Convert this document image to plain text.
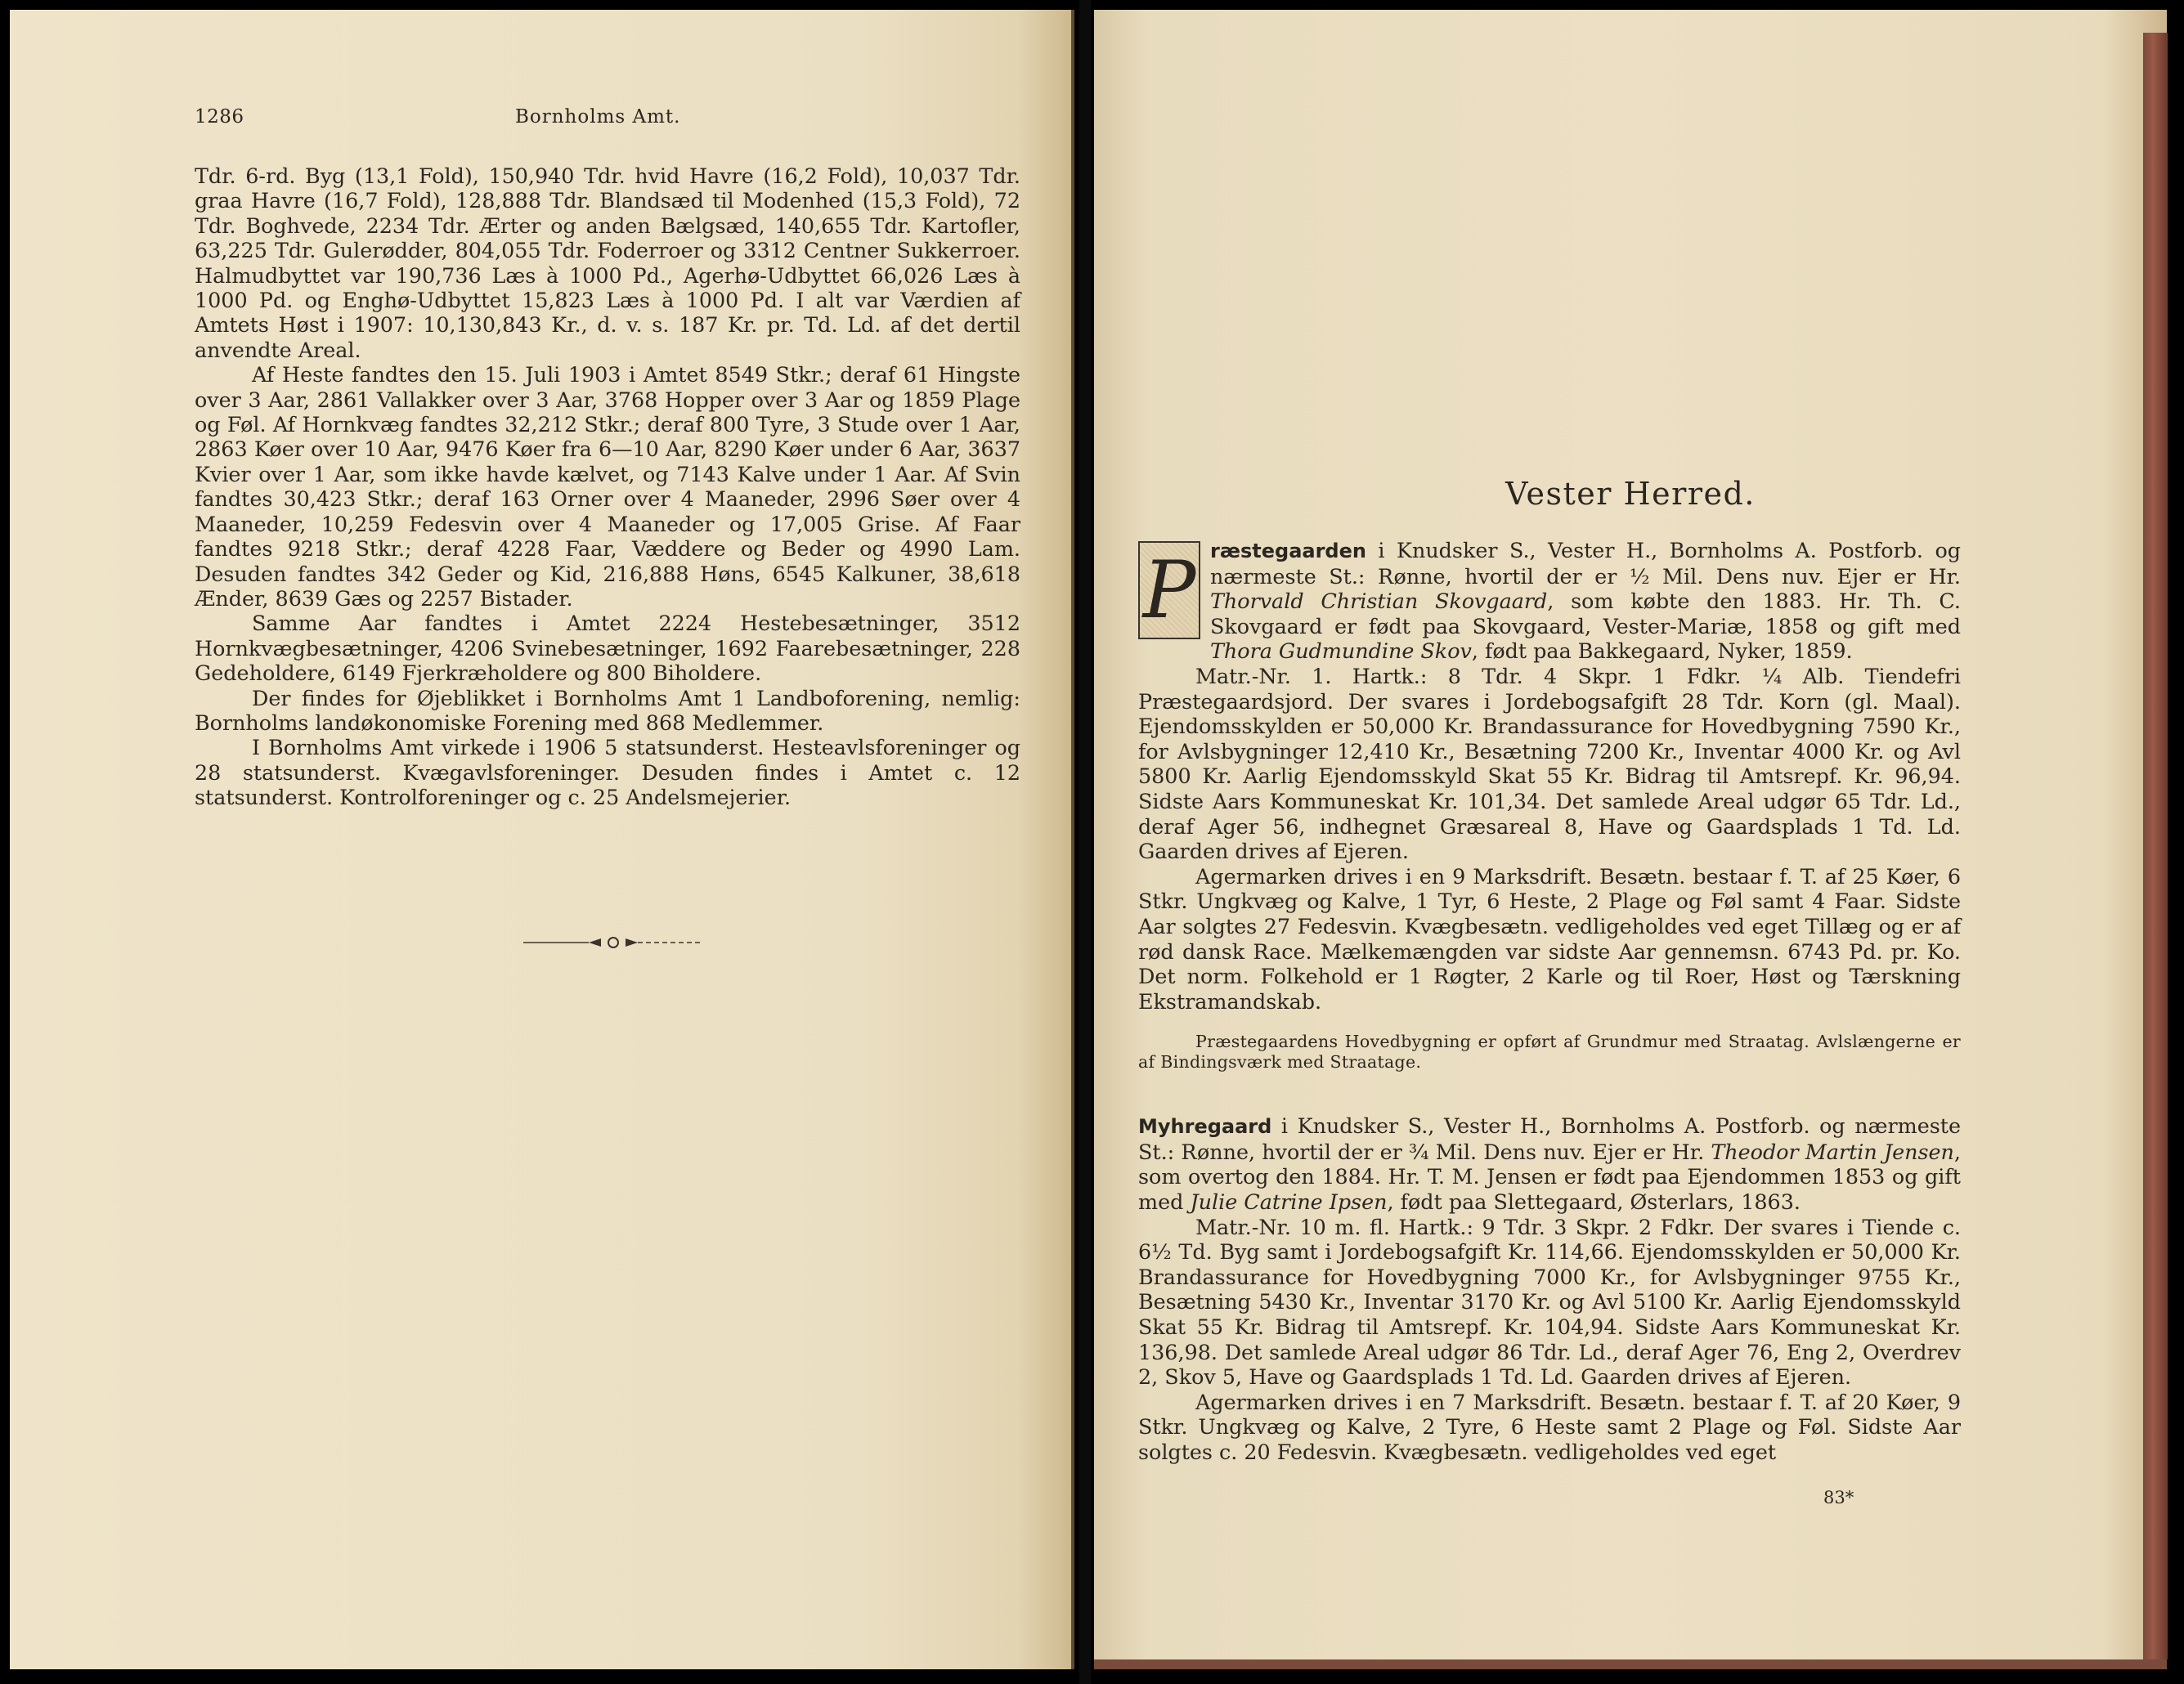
1286	Bornholms Amt.

Tdr. 6-rd. Byg (13,1 Fold), 150,940 Tdr. hvid Havre (16,2 Fold), 10,037 Tdr. graa Havre (16,7 Fold), 128,888 Tdr. Blandsæd til Modenhed (15,3 Fold), 72 Tdr. Boghvede, 2234 Tdr. Ærter og anden Bælgsæd, 140,655 Tdr. Kartofler, 63,225 Tdr. Gulerødder, 804,055 Tdr. Foderroer og 3312 Centner Sukkerroer. Halmudbyttet var 190,736 Læs à 1000 Pd., Agerhø-Udbyttet 66,026 Læs à 1000 Pd. og Enghø-Udbyttet 15,823 Læs à 1000 Pd. I alt var Værdien af Amtets Høst i 1907: 10,130,843 Kr., d. v. s. 187 Kr. pr. Td. Ld. af det dertil anvendte Areal.

Af Heste fandtes den 15. Juli 1903 i Amtet 8549 Stkr.; deraf 61 Hingste over 3 Aar, 2861 Vallakker over 3 Aar, 3768 Hopper over 3 Aar og 1859 Plage og Føl. Af Hornkvæg fandtes 32,212 Stkr.; deraf 800 Tyre, 3 Stude over 1 Aar, 2863 Køer over 10 Aar, 9476 Køer fra 6—10 Aar, 8290 Køer under 6 Aar, 3637 Kvier over 1 Aar, som ikke havde kælvet, og 7143 Kalve under 1 Aar. Af Svin fandtes 30,423 Stkr.; deraf 163 Orner over 4 Maaneder, 2996 Søer over 4 Maaneder, 10,259 Fedesvin over 4 Maaneder og 17,005 Grise. Af Faar fandtes 9218 Stkr.; deraf 4228 Faar, Væddere og Beder og 4990 Lam. Desuden fandtes 342 Geder og Kid, 216,888 Høns, 6545 Kalkuner, 38,618 Ænder, 8639 Gæs og 2257 Bistader.

Samme Aar fandtes i Amtet 2224 Hestebesætninger, 3512 Hornkvægbesætninger, 4206 Svinebesætninger, 1692 Faarebesætninger, 228 Gedeholdere, 6149 Fjerkræholdere og 800 Biholdere.

Der findes for Øjeblikket i Bornholms Amt 1 Landboforening, nemlig: Bornholms landøkonomiske Forening med 868 Medlemmer.

I Bornholms Amt virkede i 1906 5 statsunderst. Hesteavlsforeninger og 28 statsunderst. Kvægavlsforeninger. Desuden findes i Amtet c. 12 statsunderst. Kontrolforeninger og c. 25 Andelsmejerier.

Vester Herred.

P ræstegaarden i Knudsker S., Vester H., Bornholms A. Postforb. og nærmeste St.: Rønne, hvortil der er ½ Mil. Dens nuv. Ejer er Hr. Thorvald Christian Skovgaard, som købte den 1883. Hr. Th. C. Skovgaard er født paa Skovgaard, Vester-Mariæ, 1858 og gift med Thora Gudmundine Skov, født paa Bakkegaard, Nyker, 1859.

Matr.-Nr. 1. Hartk.: 8 Tdr. 4 Skpr. 1 Fdkr. ¼ Alb. Tiendefri Præstegaardsjord. Der svares i Jordebogsafgift 28 Tdr. Korn (gl. Maal). Ejendomsskylden er 50,000 Kr. Brandassurance for Hovedbygning 7590 Kr., for Avlsbygninger 12,410 Kr., Besætning 7200 Kr., Inventar 4000 Kr. og Avl 5800 Kr. Aarlig Ejendomsskyld Skat 55 Kr. Bidrag til Amtsrepf. Kr. 96,94. Sidste Aars Kommuneskat Kr. 101,34. Det samlede Areal udgør 65 Tdr. Ld., deraf Ager 56, indhegnet Græsareal 8, Have og Gaardsplads 1 Td. Ld. Gaarden drives af Ejeren.

Agermarken drives i en 9 Marksdrift. Besætn. bestaar f. T. af 25 Køer, 6 Stkr. Ungkvæg og Kalve, 1 Tyr, 6 Heste, 2 Plage og Føl samt 4 Faar. Sidste Aar solgtes 27 Fedesvin. Kvægbesætn. vedligeholdes ved eget Tillæg og er af rød dansk Race. Mælkemængden var sidste Aar gennemsn. 6743 Pd. pr. Ko. Det norm. Folkehold er 1 Røgter, 2 Karle og til Roer, Høst og Tærskning Ekstramandskab.

Præstegaardens Hovedbygning er opført af Grundmur med Straatag. Avlslængerne er af Bindingsværk med Straatage.

Myhregaard i Knudsker S., Vester H., Bornholms A. Postforb. og nærmeste St.: Rønne, hvortil der er ¾ Mil. Dens nuv. Ejer er Hr. Theodor Martin Jensen, som overtog den 1884. Hr. T. M. Jensen er født paa Ejendommen 1853 og gift med Julie Catrine Ipsen, født paa Slettegaard, Østerlars, 1863.

Matr.-Nr. 10 m. fl. Hartk.: 9 Tdr. 3 Skpr. 2 Fdkr. Der svares i Tiende c. 6½ Td. Byg samt i Jordebogsafgift Kr. 114,66. Ejendomsskylden er 50,000 Kr. Brandassurance for Hovedbygning 7000 Kr., for Avlsbygninger 9755 Kr., Besætning 5430 Kr., Inventar 3170 Kr. og Avl 5100 Kr. Aarlig Ejendomsskyld Skat 55 Kr. Bidrag til Amtsrepf. Kr. 104,94. Sidste Aars Kommuneskat Kr. 136,98. Det samlede Areal udgør 86 Tdr. Ld., deraf Ager 76, Eng 2, Overdrev 2, Skov 5, Have og Gaardsplads 1 Td. Ld. Gaarden drives af Ejeren.

Agermarken drives i en 7 Marksdrift. Besætn. bestaar f. T. af 20 Køer, 9 Stkr. Ungkvæg og Kalve, 2 Tyre, 6 Heste samt 2 Plage og Føl. Sidste Aar solgtes c. 20 Fedesvin. Kvægbesætn. vedligeholdes ved eget

83*
